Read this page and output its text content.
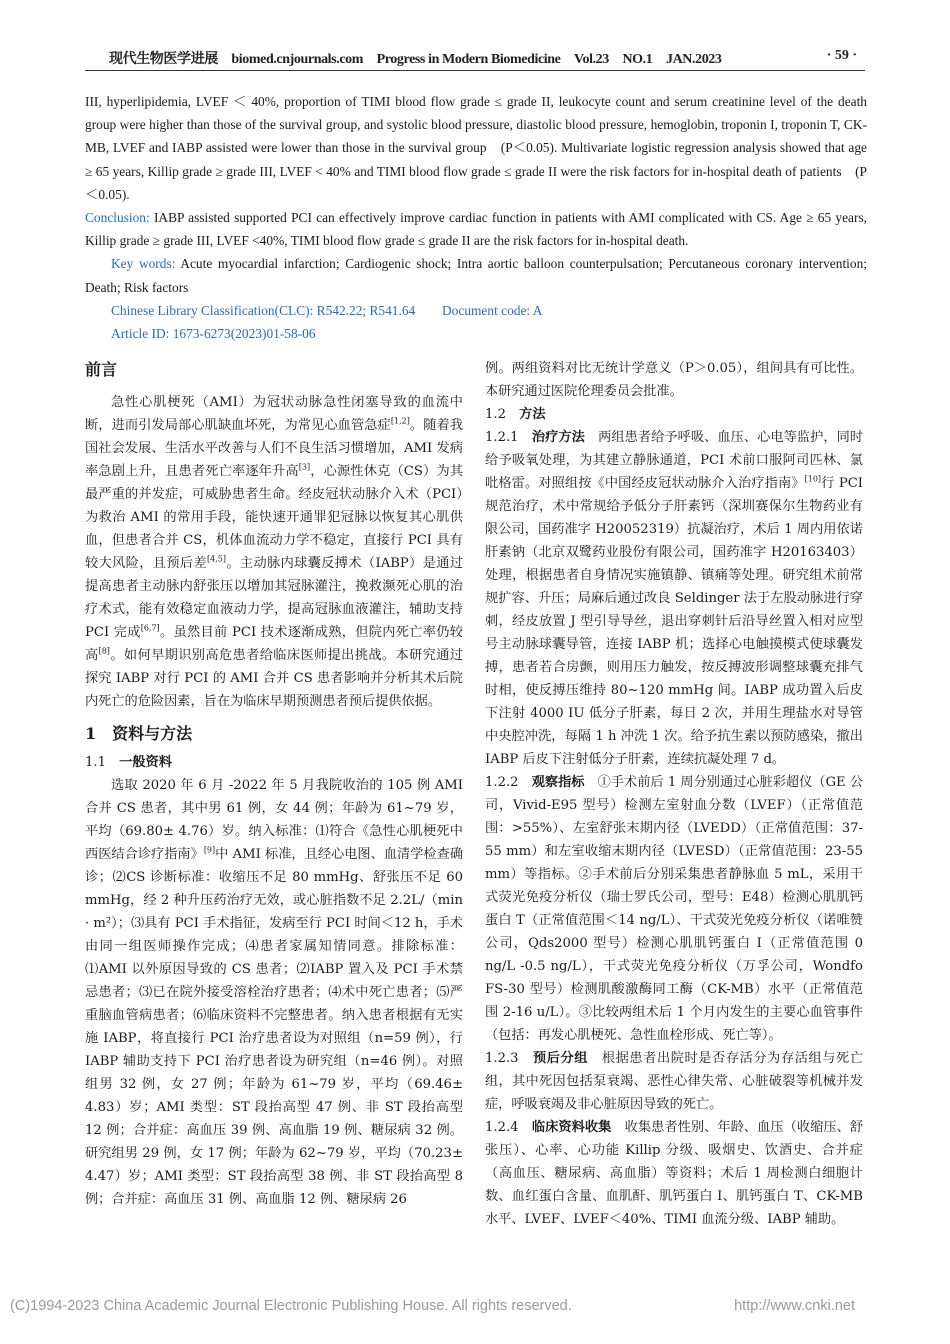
现代生物医学进展　biomed.cnjournals.com　Progress in Modern Biomedicine　Vol.23　NO.1　JAN.2023	· 59 ·

III, hyperlipidemia, LVEF ＜ 40%, proportion of TIMI blood flow grade ≤ grade II, leukocyte count and serum creatinine level of the death group were higher than those of the survival group, and systolic blood pressure, diastolic blood pressure, hemoglobin, troponin I, troponin T, CK-MB, LVEF and IABP assisted were lower than those in the survival group　(P＜0.05). Multivariate logistic regression analysis showed that age ≥ 65 years, Killip grade ≥ grade III, LVEF < 40% and TIMI blood flow grade ≤ grade II were the risk factors for in-hospital death of patients　(P＜0.05).

Conclusion: IABP assisted supported PCI can effectively improve cardiac function in patients with AMI complicated with CS. Age ≥ 65 years, Killip grade ≥ grade III, LVEF <40%, TIMI blood flow grade ≤ grade II are the risk factors for in-hospital death.

Key words: Acute myocardial infarction; Cardiogenic shock; Intra aortic balloon counterpulsation; Percutaneous coronary intervention; Death; Risk factors

Chinese Library Classification(CLC): R542.22; R541.64　　Document code: A

Article ID: 1673-6273(2023)01-58-06

前言

急性心肌梗死（AMI）为冠状动脉急性闭塞导致的血流中断，进而引发局部心肌缺血坏死，为常见心血管急症[1,2]。随着我国社会发展、生活水平改善与人们不良生活习惯增加，AMI 发病率急剧上升，且患者死亡率逐年升高[3]，心源性休克（CS）为其最严重的并发症，可威胁患者生命。经皮冠状动脉介入术（PCI）为救治 AMI 的常用手段，能快速开通罪犯冠脉以恢复其心肌供血，但患者合并 CS，机体血流动力学不稳定，直接行 PCI 具有较大风险，且预后差[4,5]。主动脉内球囊反搏术（IABP）是通过提高患者主动脉内舒张压以增加其冠脉灌注，挽救濒死心肌的治疗术式，能有效稳定血液动力学，提高冠脉血液灌注，辅助支持 PCI 完成[6,7]。虽然目前 PCI 技术逐渐成熟，但院内死亡率仍较高[8]。如何早期识别高危患者给临床医师提出挑战。本研究通过探究 IABP 对行 PCI 的 AMI 合并 CS 患者影响并分析其术后院内死亡的危险因素，旨在为临床早期预测患者预后提供依据。

1　资料与方法

1.1　 一般资料

选取 2020 年 6 月 -2022 年 5 月我院收治的 105 例 AMI 合并 CS 患者，其中男 61 例，女 44 例；年龄为 61~79 岁，平均（69.80± 4.76）岁。纳入标准：⑴符合《急性心肌梗死中西医结合诊疗指南》[9]中 AMI 标准，且经心电图、血清学检查确诊；⑵CS 诊断标准：收缩压不足 80 mmHg、舒张压不足 60 mmHg，经 2 种升压药治疗无效，或心脏指数不足 2.2L/（min · m²）；⑶具有 PCI 手术指征，发病至行 PCI 时间＜12 h，手术由同一组医师操作完成；⑷患者家属知情同意。排除标准：⑴AMI 以外原因导致的 CS 患者；⑵IABP 置入及 PCI 手术禁忌患者；⑶已在院外接受溶栓治疗患者；⑷术中死亡患者；⑸严重脑血管病患者；⑹临床资料不完整患者。纳入患者根据有无实施 IABP，将直接行 PCI 治疗患者设为对照组（n=59 例），行 IABP 辅助支持下 PCI 治疗患者设为研究组（n=46 例）。对照组男 32 例，女 27 例；年龄为 61~79 岁，平均（69.46± 4.83）岁；AMI 类型：ST 段抬高型 47 例、非 ST 段抬高型 12 例；合并症：高血压 39 例、高血脂 19 例、糖尿病 32 例。研究组男 29 例，女 17 例；年龄为 62~79 岁，平均（70.23± 4.47）岁；AMI 类型：ST 段抬高型 38 例、非 ST 段抬高型 8 例；合并症：高血压 31 例、高血脂 12 例、糖尿病 26

例。两组资料对比无统计学意义（P＞0.05），组间具有可比性。本研究通过医院伦理委员会批准。

1.2　 方法

1.2.1　 治疗方法　两组患者给予呼吸、血压、心电等监护，同时给予吸氧处理，为其建立静脉通道，PCI 术前口服阿司匹林、氯吡格雷。对照组按《中国经皮冠状动脉介入治疗指南》[10]行 PCI 规范治疗，术中常规给予低分子肝素钙（深圳赛保尔生物药业有限公司，国药准字 H20052319）抗凝治疗，术后 1 周内用依诺肝素钠（北京双鹭药业股份有限公司，国药准字 H20163403）处理，根据患者自身情况实施镇静、镇痛等处理。研究组术前常规扩容、升压；局麻后通过改良 Seldinger 法于左股动脉进行穿刺，经皮放置 J 型引导导丝，退出穿刺针后沿导丝置入相对应型号主动脉球囊导管，连接 IABP 机；选择心电触摸模式使球囊发搏，患者若合房颤，则用压力触发，按反搏波形调整球囊充排气时相，使反搏压维持 80~120 mmHg 间。IABP 成功置入后皮下注射 4000 IU 低分子肝素，每日 2 次，并用生理盐水对导管中央腔冲洗，每隔 1 h 冲洗 1 次。给予抗生素以预防感染，撤出 IABP 后皮下注射低分子肝素，连续抗凝处理 7 d。

1.2.2　 观察指标　①手术前后 1 周分别通过心脏彩超仪（GE 公司，Vivid-E95 型号）检测左室射血分数（LVEF）（正常值范围：>55%）、左室舒张末期内径（LVEDD）（正常值范围：37-55 mm）和左室收缩末期内径（LVESD）（正常值范围：23-55 mm）等指标。②手术前后分别采集患者静脉血 5 mL，采用干式荧光免疫分析仪（瑞士罗氏公司，型号：E48）检测心肌肌钙蛋白 T（正常值范围＜14 ng/L）、干式荧光免疫分析仪（诺唯赞公司，Qds2000 型号）检测心肌肌钙蛋白 I（正常值范围 0 ng/L -0.5 ng/L），干式荧光免疫分析仪（万孚公司，Wondfo FS-30 型号）检测肌酸激酶同工酶（CK-MB）水平（正常值范围 2-16 u/L）。③比较两组术后 1 个月内发生的主要心血管事件（包括：再发心肌梗死、急性血栓形成、死亡等）。

1.2.3　 预后分组　根据患者出院时是否存活分为存活组与死亡组，其中死因包括泵衰竭、恶性心律失常、心脏破裂等机械并发症，呼吸衰竭及非心脏原因导致的死亡。

1.2.4　 临床资料收集　收集患者性别、年龄、血压（收缩压、舒张压）、心率、心功能 Killip 分级、吸烟史、饮酒史、合并症（高血压、糖尿病、高血脂）等资料；术后 1 周检测白细胞计数、血红蛋白含量、血肌酐、肌钙蛋白 I、肌钙蛋白 T、CK-MB 水平、LVEF、LVEF＜40%、TIMI 血流分级、IABP 辅助。

(C)1994-2023 China Academic Journal Electronic Publishing House. All rights reserved.	http://www.cnki.net
